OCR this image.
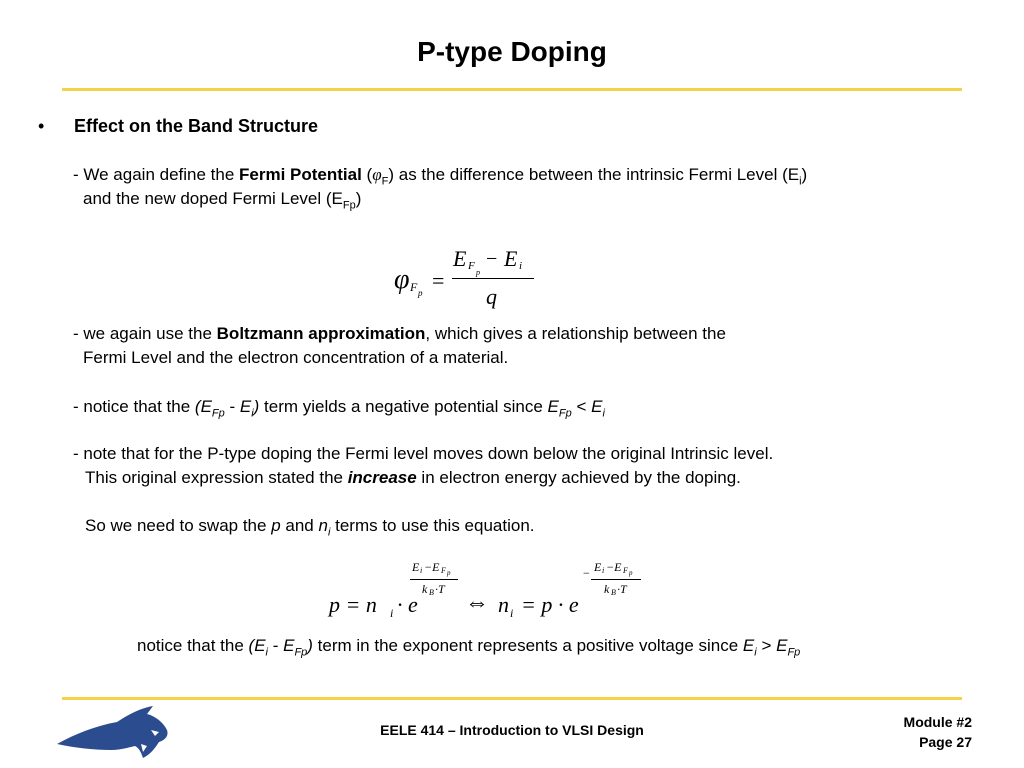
P-type Doping
• Effect on the Band Structure
- We again define the Fermi Potential $(\varphi_F)$ as the difference between the intrinsic Fermi Level $(E_i)$
and the new doped Fermi Level $(E_{Fp})$
φ F p =
E F
p
− E i
q
- we again use the Boltzmann approximation, which gives a relationship between the
Fermi Level and the electron concentration of a material.
- notice that the $(E_{Fp} - E_i)$ term yields a negative potential since $E_{Fp} < E_i$
- note that for the P-type doping the Fermi level moves down below the original Intrinsic level.
This original expression stated the increase in electron energy achieved by the doping.
So we need to swap the p and $n_i$ terms to use this equation.
p = n i · e
E i −E F p
k B ·T
⇔ n i = p · e
− E i −E F p
k B ·T
notice that the $(E_i - E_{Fp})$ term in the exponent represents a positive voltage since $E_i > E_{Fp}$
EELE 414 – Introduction to VLSI Design	Module #2
Page 27
